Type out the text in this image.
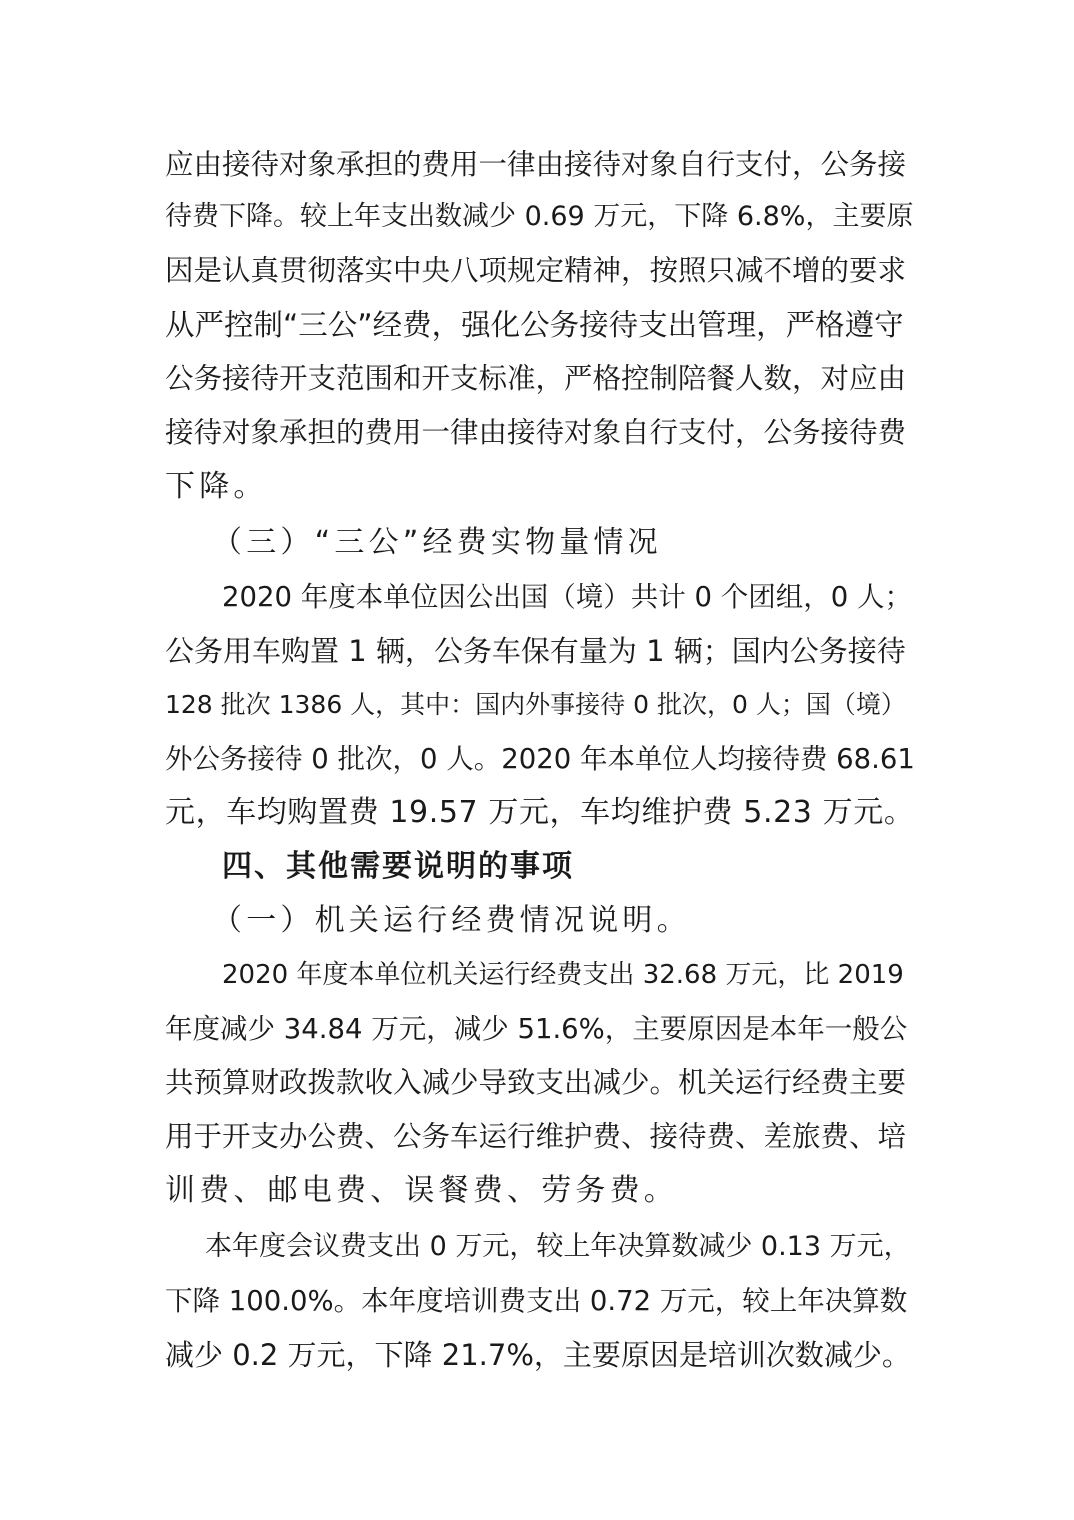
应由接待对象承担的费用一律由接待对象自行支付，公务接
待费下降。较上年支出数减少 0.69 万元，下降 6.8%，主要原
因是认真贯彻落实中央八项规定精神，按照只减不增的要求
从严控制“三公”经费，强化公务接待支出管理，严格遵守
公务接待开支范围和开支标准，严格控制陪餐人数，对应由
接待对象承担的费用一律由接待对象自行支付，公务接待费
下降。
（三）“三公”经费实物量情况
2020 年度本单位因公出国（境）共计 0 个团组，0 人；
公务用车购置 1 辆，公务车保有量为 1 辆；国内公务接待
128 批次 1386 人，其中：国内外事接待 0 批次，0 人；国（境）
外公务接待 0 批次，0 人。2020 年本单位人均接待费 68.61
元，车均购置费 19.57 万元，车均维护费 5.23 万元。
四、其他需要说明的事项
（一）机关运行经费情况说明。
2020 年度本单位机关运行经费支出 32.68 万元，比 2019
年度减少 34.84 万元，减少 51.6%，主要原因是本年一般公
共预算财政拨款收入减少导致支出减少。机关运行经费主要
用于开支办公费、公务车运行维护费、接待费、差旅费、培
训费、邮电费、误餐费、劳务费。
本年度会议费支出 0 万元，较上年决算数减少 0.13 万元，
下降 100.0%。本年度培训费支出 0.72 万元，较上年决算数
减少 0.2 万元，下降 21.7%，主要原因是培训次数减少。
